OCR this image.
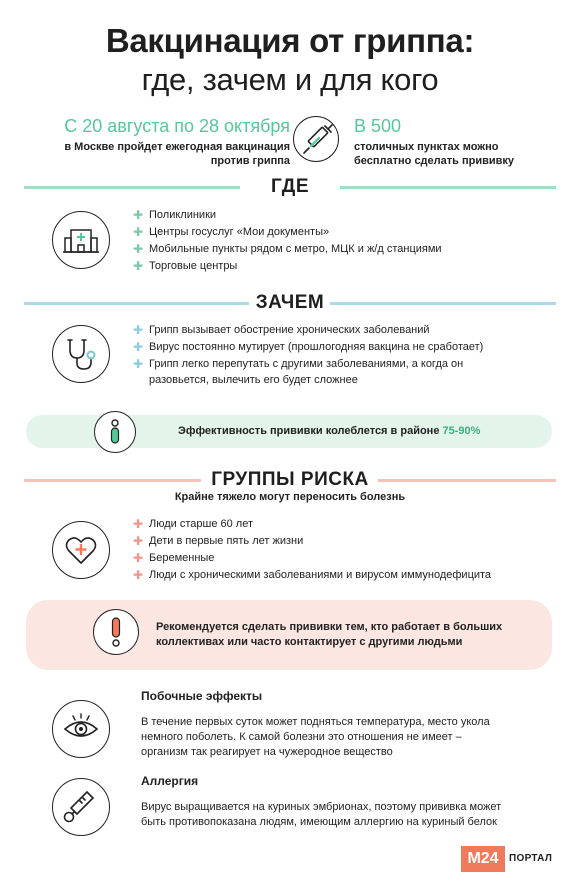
Вакцинация от гриппа:
где, зачем и для кого
С 20 августа по 28 октября
в Москве пройдет ежегодная вакцинация
против гриппа
В 500
столичных пунктах можно
бесплатно сделать прививку
ГДЕ
✚ Поликлиники
✚ Центры госуслуг «Мои документы»
✚ Мобильные пункты рядом с метро, МЦК и ж/д станциями
✚ Торговые центры
ЗАЧЕМ
✚ Грипп вызывает обострение хронических заболеваний
✚ Вирус постоянно мутирует (прошлогодняя вакцина не сработает)
✚ Грипп легко перепутать с другими заболеваниями, а когда он
разовьется, вылечить его будет сложнее
Эффективность прививки колеблется в районе 75-90%
ГРУППЫ РИСКА
Крайне тяжело могут переносить болезнь
✚ Люди старше 60 лет
✚ Дети в первые пять лет жизни
✚ Беременные
✚ Люди с хроническими заболеваниями и вирусом иммунодефицита
Рекомендуется сделать прививки тем, кто работает в больших
коллективах или часто контактирует с другими людьми
Побочные эффекты
В течение первых суток может подняться температура, место укола
немного поболеть. К самой болезни это отношения не имеет –
организм так реагирует на чужеродное вещество
Аллергия
Вирус выращивается на куриных эмбрионах, поэтому прививка может
быть противопоказана людям, имеющим аллергию на куриный белок
M24	ПОРТАЛ
